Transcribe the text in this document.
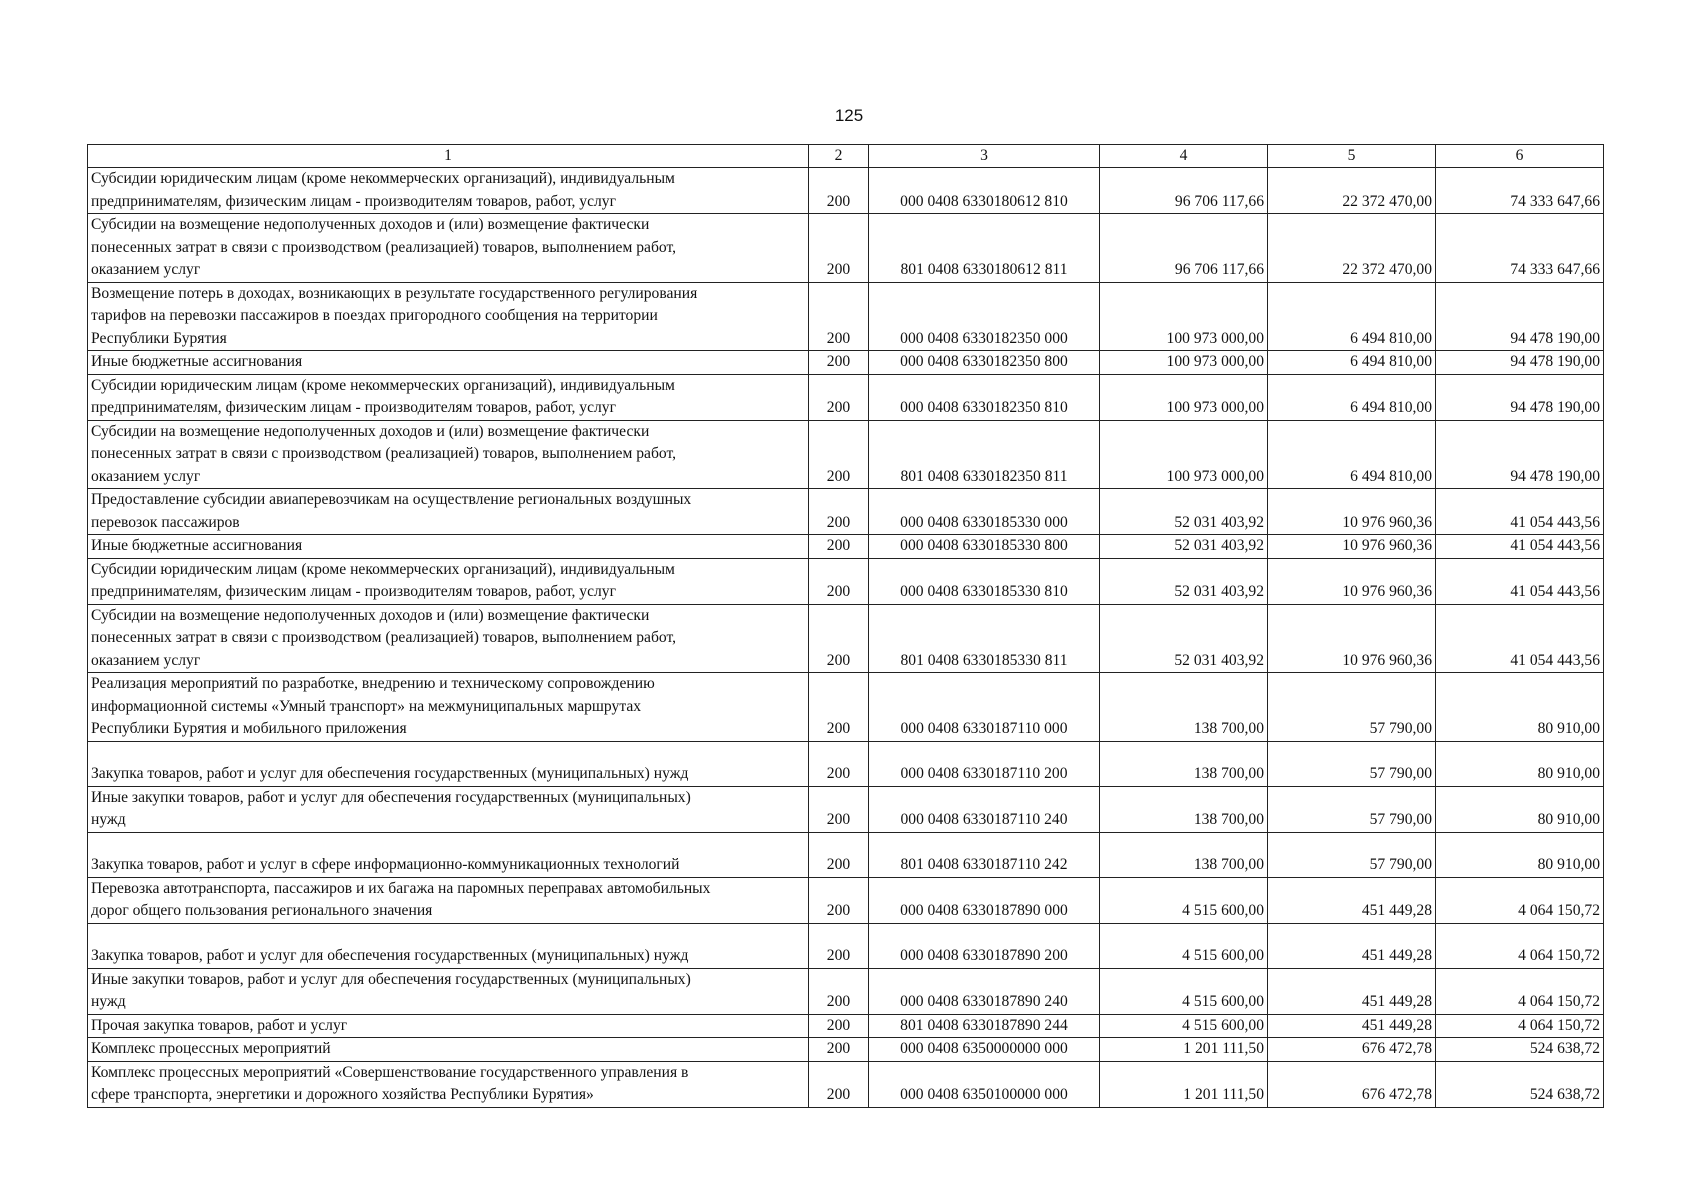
125
1	2	3	4	5	6

Субсидии юридическим лицам (кроме некоммерческих организаций), индивидуальным
предпринимателям, физическим лицам - производителям товаров, работ, услуг	200	000 0408 6330180612 810	96 706 117,66	22 372 470,00	74 333 647,66

Субсидии на возмещение недополученных доходов и (или) возмещение фактически
понесенных затрат в связи с производством (реализацией) товаров, выполнением работ,
оказанием услуг	200	801 0408 6330180612 811	96 706 117,66	22 372 470,00	74 333 647,66

Возмещение потерь в доходах, возникающих в результате государственного регулирования
тарифов на перевозки пассажиров в поездах пригородного сообщения на территории
Республики Бурятия	200	000 0408 6330182350 000	100 973 000,00	6 494 810,00	94 478 190,00

Иные бюджетные ассигнования	200	000 0408 6330182350 800	100 973 000,00	6 494 810,00	94 478 190,00

Субсидии юридическим лицам (кроме некоммерческих организаций), индивидуальным
предпринимателям, физическим лицам - производителям товаров, работ, услуг	200	000 0408 6330182350 810	100 973 000,00	6 494 810,00	94 478 190,00

Субсидии на возмещение недополученных доходов и (или) возмещение фактически
понесенных затрат в связи с производством (реализацией) товаров, выполнением работ,
оказанием услуг	200	801 0408 6330182350 811	100 973 000,00	6 494 810,00	94 478 190,00

Предоставление субсидии авиаперевозчикам на осуществление региональных воздушных
перевозок пассажиров	200	000 0408 6330185330 000	52 031 403,92	10 976 960,36	41 054 443,56

Иные бюджетные ассигнования	200	000 0408 6330185330 800	52 031 403,92	10 976 960,36	41 054 443,56

Субсидии юридическим лицам (кроме некоммерческих организаций), индивидуальным
предпринимателям, физическим лицам - производителям товаров, работ, услуг	200	000 0408 6330185330 810	52 031 403,92	10 976 960,36	41 054 443,56

Субсидии на возмещение недополученных доходов и (или) возмещение фактически
понесенных затрат в связи с производством (реализацией) товаров, выполнением работ,
оказанием услуг	200	801 0408 6330185330 811	52 031 403,92	10 976 960,36	41 054 443,56

Реализация мероприятий по разработке, внедрению и техническому сопровождению
информационной системы «Умный транспорт» на межмуниципальных маршрутах
Республики Бурятия и мобильного приложения	200	000 0408 6330187110 000	138 700,00	57 790,00	80 910,00

Закупка товаров, работ и услуг для обеспечения государственных (муниципальных) нужд	200	000 0408 6330187110 200	138 700,00	57 790,00	80 910,00

Иные закупки товаров, работ и услуг для обеспечения государственных (муниципальных)
нужд	200	000 0408 6330187110 240	138 700,00	57 790,00	80 910,00

Закупка товаров, работ и услуг в сфере информационно-коммуникационных технологий	200	801 0408 6330187110 242	138 700,00	57 790,00	80 910,00

Перевозка автотранспорта, пассажиров и их багажа на паромных переправах автомобильных
дорог общего пользования регионального значения	200	000 0408 6330187890 000	4 515 600,00	451 449,28	4 064 150,72

Закупка товаров, работ и услуг для обеспечения государственных (муниципальных) нужд	200	000 0408 6330187890 200	4 515 600,00	451 449,28	4 064 150,72

Иные закупки товаров, работ и услуг для обеспечения государственных (муниципальных)
нужд	200	000 0408 6330187890 240	4 515 600,00	451 449,28	4 064 150,72

Прочая закупка товаров, работ и услуг	200	801 0408 6330187890 244	4 515 600,00	451 449,28	4 064 150,72

Комплекс процессных мероприятий	200	000 0408 6350000000 000	1 201 111,50	676 472,78	524 638,72

Комплекс процессных мероприятий «Совершенствование государственного управления в
сфере транспорта, энергетики и дорожного хозяйства Республики Бурятия»	200	000 0408 6350100000 000	1 201 111,50	676 472,78	524 638,72
